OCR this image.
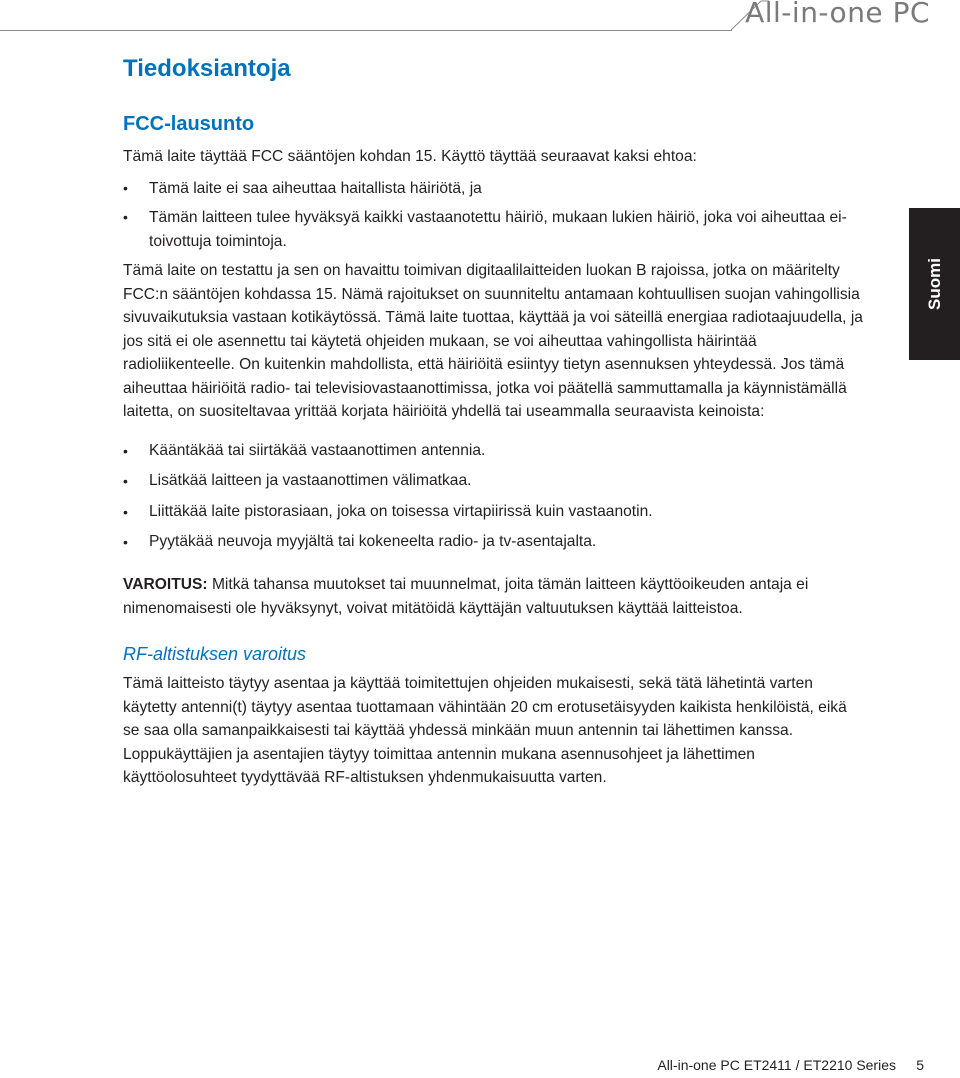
All-in-one PC
Suomi
Tiedoksiantoja
FCC-lausunto

Tämä laite täyttää FCC sääntöjen kohdan 15. Käyttö täyttää seuraavat kaksi ehtoa:

• Tämä laite ei saa aiheuttaa haitallista häiriötä, ja
• Tämän laitteen tulee hyväksyä kaikki vastaanotettu häiriö, mukaan lukien häiriö, joka voi aiheuttaa ei-toivottuja toimintoja.

Tämä laite on testattu ja sen on havaittu toimivan digitaalilaitteiden luokan B rajoissa, jotka on määritelty FCC:n sääntöjen kohdassa 15. Nämä rajoitukset on suunniteltu antamaan kohtuullisen suojan vahingollisia sivuvaikutuksia vastaan kotikäytössä. Tämä laite tuottaa, käyttää ja voi säteillä energiaa radiotaajuudella, ja jos sitä ei ole asennettu tai käytetä ohjeiden mukaan, se voi aiheuttaa vahingollista häirintää radioliikenteelle. On kuitenkin mahdollista, että häiriöitä esiintyy tietyn asennuksen yhteydessä. Jos tämä aiheuttaa häiriöitä radio- tai televisiovastaanottimissa, jotka voi päätellä sammuttamalla ja käynnistämällä laitetta, on suositeltavaa yrittää korjata häiriöitä yhdellä tai useammalla seuraavista keinoista:

• Kääntäkää tai siirtäkää vastaanottimen antennia.
• Lisätkää laitteen ja vastaanottimen välimatkaa.
• Liittäkää laite pistorasiaan, joka on toisessa virtapiirissä kuin vastaanotin.
• Pyytäkää neuvoja myyjältä tai kokeneelta radio- ja tv-asentajalta.

VAROITUS: Mitkä tahansa muutokset tai muunnelmat, joita tämän laitteen käyttöoikeuden antaja ei nimenomaisesti ole hyväksynyt, voivat mitätöidä käyttäjän valtuutuksen käyttää laitteistoa.

RF-altistuksen varoitus

Tämä laitteisto täytyy asentaa ja käyttää toimitettujen ohjeiden mukaisesti, sekä tätä lähetintä varten käytetty antenni(t) täytyy asentaa tuottamaan vähintään 20 cm erotusetäisyyden kaikista henkilöistä, eikä se saa olla samanpaikkaisesti tai käyttää yhdessä minkään muun antennin tai lähettimen kanssa. Loppukäyttäjien ja asentajien täytyy toimittaa antennin mukana asennusohjeet ja lähettimen käyttöolosuhteet tyydyttävää RF-altistuksen yhdenmukaisuutta varten.

All-in-one PC ET2411 / ET2210 Series 5
